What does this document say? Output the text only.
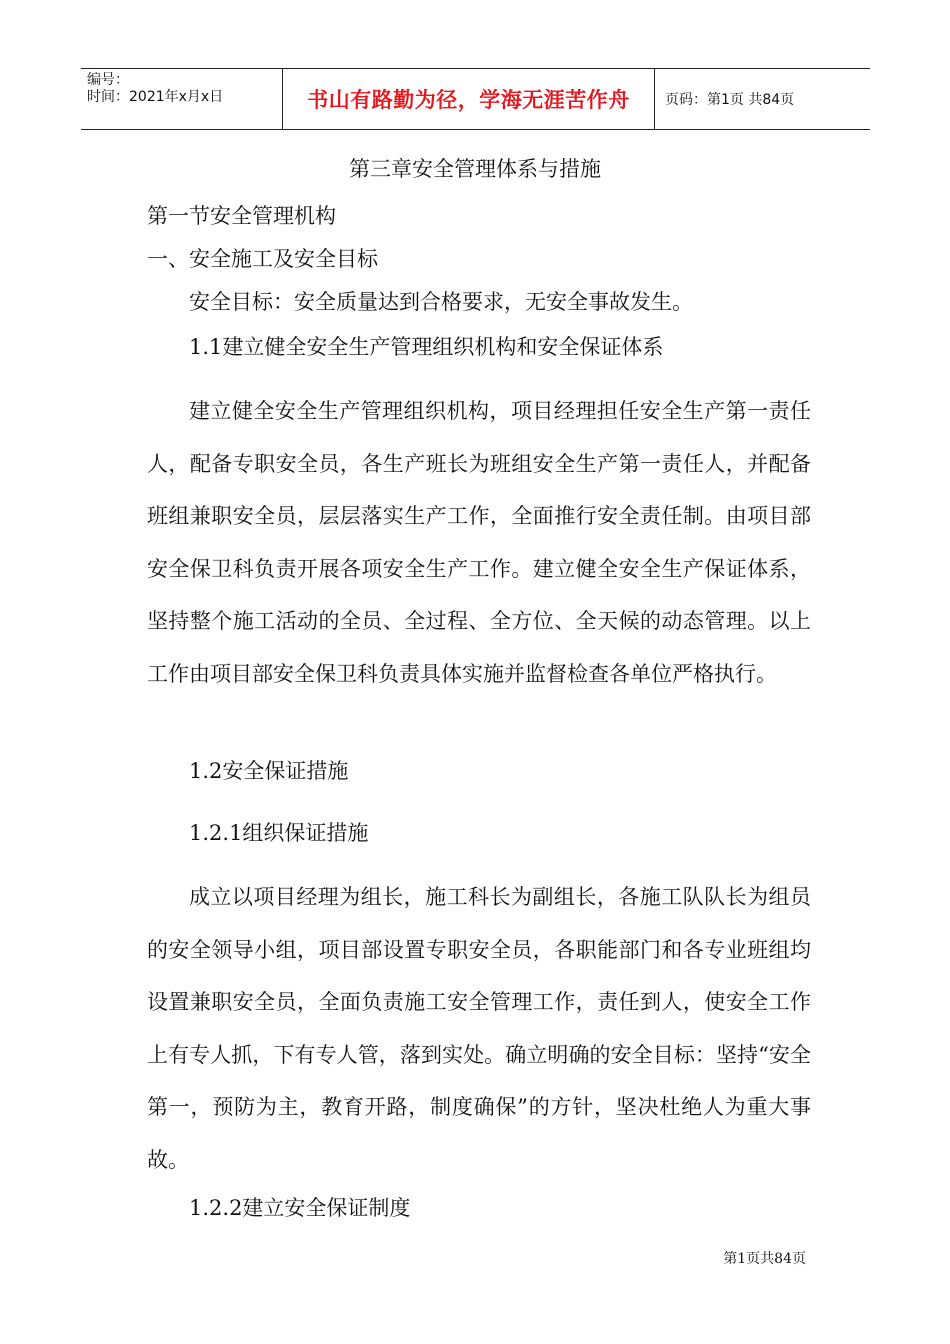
编号：
时间：2021年x月x日	书山有路勤为径，学海无涯苦作舟	页码：第1页 共84页
第三章安全管理体系与措施
第一节安全管理机构
一、安全施工及安全目标
安全目标：安全质量达到合格要求，无安全事故发生。
1.1建立健全安全生产管理组织机构和安全保证体系

建立健全安全生产管理组织机构，项目经理担任安全生产第一责任人，配备专职安全员，各生产班长为班组安全生产第一责任人，并配备班组兼职安全员，层层落实生产工作，全面推行安全责任制。由项目部安全保卫科负责开展各项安全生产工作。建立健全安全生产保证体系，坚持整个施工活动的全员、全过程、全方位、全天候的动态管理。以上工作由项目部安全保卫科负责具体实施并监督检查各单位严格执行。

1.2安全保证措施
1.2.1组织保证措施

成立以项目经理为组长，施工科长为副组长，各施工队队长为组员的安全领导小组，项目部设置专职安全员，各职能部门和各专业班组均设置兼职安全员，全面负责施工安全管理工作，责任到人，使安全工作上有专人抓，下有专人管，落到实处。确立明确的安全目标：坚持“安全第一，预防为主，教育开路，制度确保”的方针，坚决杜绝人为重大事故。

1.2.2建立安全保证制度
第1页共84页
